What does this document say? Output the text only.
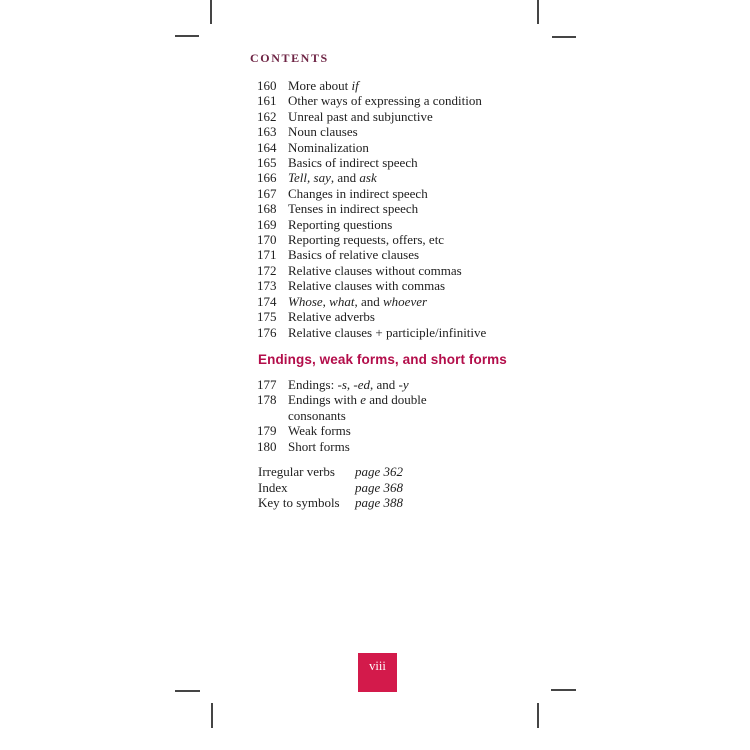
CONTENTS
160 More about if
161 Other ways of expressing a condition
162 Unreal past and subjunctive
163 Noun clauses
164 Nominalization
165 Basics of indirect speech
166 Tell, say, and ask
167 Changes in indirect speech
168 Tenses in indirect speech
169 Reporting questions
170 Reporting requests, offers, etc
171 Basics of relative clauses
172 Relative clauses without commas
173 Relative clauses with commas
174 Whose, what, and whoever
175 Relative adverbs
176 Relative clauses + participle/infinitive
Endings, weak forms, and short forms
177 Endings: -s, -ed, and -y
178 Endings with e and double
consonants
179 Weak forms
180 Short forms
Irregular verbs page 362
Index	page 368
Key to symbols page 388
viii
